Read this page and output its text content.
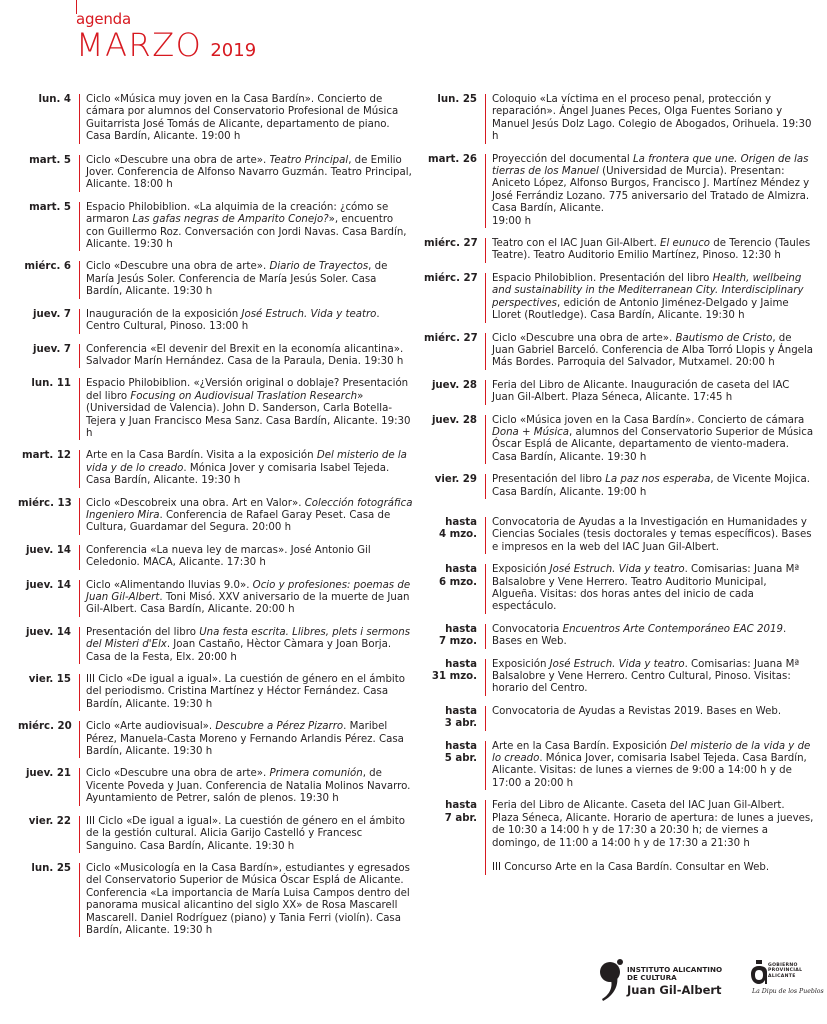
agenda
MARZO 2019
lun. 4 Ciclo «Música muy joven en la Casa Bardín». Concierto de cámara por alumnos del Conservatorio Profesional de Música Guitarrista José Tomás de Alicante, departamento de piano. Casa Bardín, Alicante. 19:00 h
mart. 5 Ciclo «Descubre una obra de arte». Teatro Principal, de Emilio Jover. Conferencia de Alfonso Navarro Guzmán. Teatro Principal, Alicante. 18:00 h
mart. 5 Espacio Philobiblion. «La alquimia de la creación: ¿cómo se armaron Las gafas negras de Amparito Conejo?», encuentro con Guillermo Roz. Conversación con Jordi Navas. Casa Bardín, Alicante. 19:30 h
miérc. 6 Ciclo «Descubre una obra de arte». Diario de Trayectos, de María Jesús Soler. Conferencia de María Jesús Soler. Casa Bardín, Alicante. 19:30 h
juev. 7 Inauguración de la exposición José Estruch. Vida y teatro. Centro Cultural, Pinoso. 13:00 h
juev. 7 Conferencia «El devenir del Brexit en la economía alicantina». Salvador Marín Hernández. Casa de la Paraula, Denia. 19:30 h
lun. 11 Espacio Philobiblion. «¿Versión original o doblaje? Presentación del libro Focusing on Audiovisual Traslation Research» (Universidad de Valencia). John D. Sanderson, Carla Botella-Tejera y Juan Francisco Mesa Sanz. Casa Bardín, Alicante. 19:30 h
mart. 12 Arte en la Casa Bardín. Visita a la exposición Del misterio de la vida y de lo creado. Mónica Jover y comisaria Isabel Tejeda. Casa Bardín, Alicante. 19:30 h
miérc. 13 Ciclo «Descobreix una obra. Art en Valor». Colección fotográfica Ingeniero Mira. Conferencia de Rafael Garay Peset. Casa de Cultura, Guardamar del Segura. 20:00 h
juev. 14 Conferencia «La nueva ley de marcas». José Antonio Gil Celedonio. MACA, Alicante. 17:30 h
juev. 14 Ciclo «Alimentando lluvias 9.0». Ocio y profesiones: poemas de Juan Gil-Albert. Toni Misó. XXV aniversario de la muerte de Juan Gil-Albert. Casa Bardín, Alicante. 20:00 h
juev. 14 Presentación del libro Una festa escrita. Llibres, plets i sermons del Misteri d'Elx. Joan Castaño, Hèctor Càmara y Joan Borja. Casa de la Festa, Elx. 20:00 h
vier. 15 III Ciclo «De igual a igual». La cuestión de género en el ámbito del periodismo. Cristina Martínez y Héctor Fernández. Casa Bardín, Alicante. 19:30 h
miérc. 20 Ciclo «Arte audiovisual». Descubre a Pérez Pizarro. Maribel Pérez, Manuela-Casta Moreno y Fernando Arlandis Pérez. Casa Bardín, Alicante. 19:30 h
juev. 21 Ciclo «Descubre una obra de arte». Primera comunión, de Vicente Poveda y Juan. Conferencia de Natalia Molinos Navarro. Ayuntamiento de Petrer, salón de plenos. 19:30 h
vier. 22 III Ciclo «De igual a igual». La cuestión de género en el ámbito de la gestión cultural. Alicia Garijo Castelló y Francesc Sanguino. Casa Bardín, Alicante. 19:30 h
lun. 25 Ciclo «Musicología en la Casa Bardín», estudiantes y egresados del Conservatorio Superior de Música Óscar Esplá de Alicante. Conferencia «La importancia de María Luisa Campos dentro del panorama musical alicantino del siglo XX» de Rosa Mascarell Mascarell. Daniel Rodríguez (piano) y Tania Ferri (violín). Casa Bardín, Alicante. 19:30 h
lun. 25 Coloquio «La víctima en el proceso penal, protección y reparación». Ángel Juanes Peces, Olga Fuentes Soriano y Manuel Jesús Dolz Lago. Colegio de Abogados, Orihuela. 19:30 h
mart. 26 Proyección del documental La frontera que une. Origen de las tierras de los Manuel (Universidad de Murcia). Presentan: Aniceto López, Alfonso Burgos, Francisco J. Martínez Méndez y José Ferrándiz Lozano. 775 aniversario del Tratado de Almizra. Casa Bardín, Alicante.
19:00 h
miérc. 27 Teatro con el IAC Juan Gil-Albert. El eunuco de Terencio (Taules Teatre). Teatro Auditorio Emilio Martínez, Pinoso. 12:30 h
miérc. 27 Espacio Philobiblion. Presentación del libro Health, wellbeing and sustainability in the Mediterranean City. Interdisciplinary perspectives, edición de Antonio Jiménez-Delgado y Jaime Lloret (Routledge). Casa Bardín, Alicante. 19:30 h
miérc. 27 Ciclo «Descubre una obra de arte». Bautismo de Cristo, de Juan Gabriel Barceló. Conferencia de Alba Torró Llopis y Ángela Más Bordes. Parroquia del Salvador, Mutxamel. 20:00 h
juev. 28 Feria del Libro de Alicante. Inauguración de caseta del IAC Juan Gil-Albert. Plaza Séneca, Alicante. 17:45 h
juev. 28 Ciclo «Música joven en la Casa Bardín». Concierto de cámara Dona + Música, alumnos del Conservatorio Superior de Música Óscar Esplá de Alicante, departamento de viento-madera. Casa Bardín, Alicante. 19:30 h
vier. 29 Presentación del libro La paz nos esperaba, de Vicente Mojica. Casa Bardín, Alicante. 19:00 h
hasta
4 mzo.
Convocatoria de Ayudas a la Investigación en Humanidades y Ciencias Sociales (tesis doctorales y temas específicos). Bases e impresos en la web del IAC Juan Gil-Albert.
hasta
6 mzo.
Exposición José Estruch. Vida y teatro. Comisarias: Juana Mª Balsalobre y Vene Herrero. Teatro Auditorio Municipal, Algueña. Visitas: dos horas antes del inicio de cada espectáculo.
hasta
7 mzo.
Convocatoria Encuentros Arte Contemporáneo EAC 2019. Bases en Web.
hasta
31 mzo.
Exposición José Estruch. Vida y teatro. Comisarias: Juana Mª Balsalobre y Vene Herrero. Centro Cultural, Pinoso. Visitas: horario del Centro.
hasta
3 abr.
Convocatoria de Ayudas a Revistas 2019. Bases en Web.
hasta
5 abr.
Arte en la Casa Bardín. Exposición Del misterio de la vida y de lo creado. Mónica Jover, comisaria Isabel Tejeda. Casa Bardín, Alicante. Visitas: de lunes a viernes de 9:00 a 14:00 h y de 17:00 a 20:00 h
hasta
7 abr.
Feria del Libro de Alicante. Caseta del IAC Juan Gil-Albert. Plaza Séneca, Alicante. Horario de apertura: de lunes a jueves, de 10:30 a 14:00 h y de 17:30 a 20:30 h; de viernes a domingo, de 11:00 a 14:00 h y de 17:30 a 21:30 h

III Concurso Arte en la Casa Bardín. Consultar en Web.
INSTITUTO ALICANTINO
DE CULTURA
Juan Gil-Albert
GOBIERNO
PROVINCIAL
ALICANTE
La Dipu de los Pueblos
